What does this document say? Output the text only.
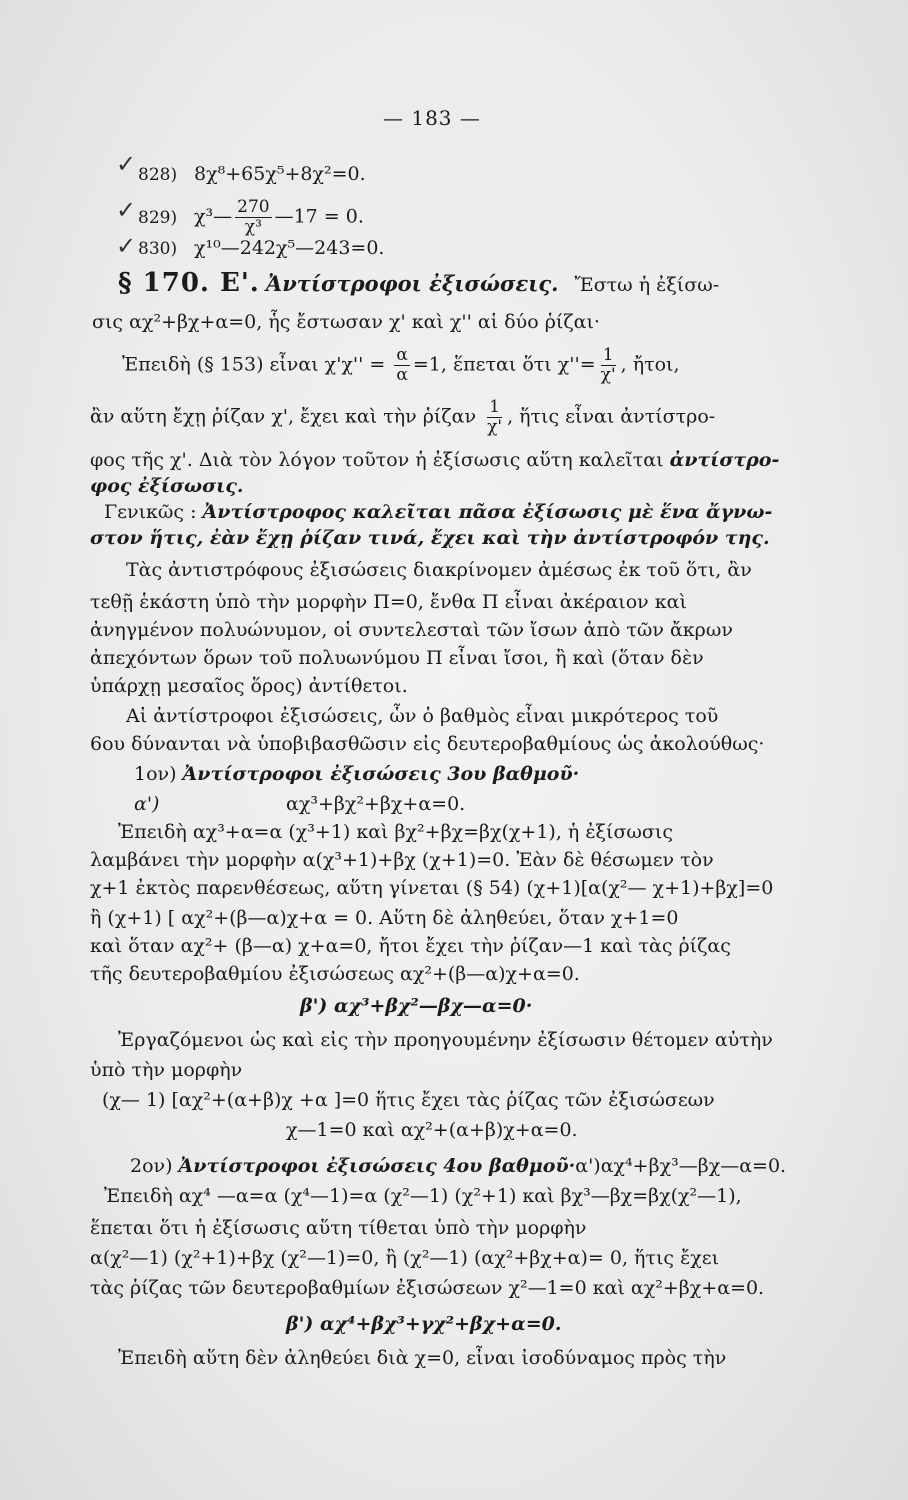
— 183 —
✓
✓
✓
828) 8χ⁸+65χ⁵+8χ²=0.
829) χ³— $\frac{270}{\text{χ³}}$ —17 = 0.
830) χ¹⁰—242χ⁵—243=0.
§ 170. Ε'. Ἀντίστροφοι ἐξισώσεις. Ἔστω ἡ ἐξίσω-
σις αχ²+βχ+α=0, ἧς ἔστωσαν χ' καὶ χ'' αἱ δύο ῥίζαι·
Ἐπειδὴ (§ 153) εἶναι $\chi'\chi'' = \frac{\alpha}{\alpha} =1$, ἕπεται ὅτι $\chi''= \frac{1}{\chi'}$ , ἤτοι,
ἂν αὕτη ἔχῃ ῥίζαν χ', ἔχει καὶ τὴν ῥίζαν $\frac{1}{\chi'}$ , ἥτις εἶναι ἀντίστρο-
φος τῆς χ'. Διὰ τὸν λόγον τοῦτον ἡ ἐξίσωσις αὕτη καλεῖται ἀντίστρο-
φος ἐξίσωσις.
Γενικῶς : Ἀντίστροφος καλεῖται πᾶσα ἐξίσωσις μὲ ἕνα ἄγνω-
στον ἥτις, ἐὰν ἔχῃ ῥίζαν τινά, ἔχει καὶ τὴν ἀντίστροφόν της.
Τὰς ἀντιστρόφους ἐξισώσεις διακρίνομεν ἀμέσως ἐκ τοῦ ὅτι, ἂν
τεθῇ ἑκάστη ὑπὸ τὴν μορφὴν Π=0, ἔνθα Π εἶναι ἀκέραιον καὶ
ἀνηγμένον πολυώνυμον, οἱ συντελεσταὶ τῶν ἴσων ἀπὸ τῶν ἄκρων
ἀπεχόντων ὅρων τοῦ πολυωνύμου Π εἶναι ἴσοι, ἢ καὶ (ὅταν δὲν
ὑπάρχῃ μεσαῖος ὅρος) ἀντίθετοι.
Αἱ ἀντίστροφοι ἐξισώσεις, ὧν ὁ βαθμὸς εἶναι μικρότερος τοῦ
6ου δύνανται νὰ ὑποβιβασθῶσιν εἰς δευτεροβαθμίους ὡς ἀκολούθως·
1ον) Ἀντίστροφοι ἐξισώσεις 3ου βαθμοῦ·
α')	αχ³+βχ²+βχ+α=0.
Ἐπειδὴ αχ³+α=α (χ³+1) καὶ βχ²+βχ=βχ(χ+1), ἡ ἐξίσωσις
λαμβάνει τὴν μορφὴν α(χ³+1)+βχ (χ+1)=0. Ἐὰν δὲ θέσωμεν τὸν
χ+1 ἐκτὸς παρενθέσεως, αὕτη γίνεται (§ 54) (χ+1)[α(χ²— χ+1)+βχ]=0
ἢ (χ+1) [ αχ²+(β—α)χ+α = 0. Αὕτη δὲ ἀληθεύει, ὅταν χ+1=0
καὶ ὅταν αχ²+ (β—α) χ+α=0, ἤτοι ἔχει τὴν ῥίζαν—1 καὶ τὰς ῥίζας
τῆς δευτεροβαθμίου ἐξισώσεως αχ²+(β—α)χ+α=0.
β') αχ³+βχ²—βχ—α=0·
Ἐργαζόμενοι ὡς καὶ εἰς τὴν προηγουμένην ἐξίσωσιν θέτομεν αὐτὴν
ὑπὸ τὴν μορφὴν
(χ— 1) [αχ²+(α+β)χ +α ]=0 ἥτις ἔχει τὰς ῥίζας τῶν ἐξισώσεων
χ—1=0 καὶ αχ²+(α+β)χ+α=0.
2ον) Ἀντίστροφοι ἐξισώσεις 4ου βαθμοῦ·α')αχ⁴+βχ³—βχ—α=0.
Ἐπειδὴ αχ⁴ —α=α (χ⁴—1)=α (χ²—1) (χ²+1) καὶ βχ³—βχ=βχ(χ²—1),
ἕπεται ὅτι ἡ ἐξίσωσις αὕτη τίθεται ὑπὸ τὴν μορφὴν
α(χ²—1) (χ²+1)+βχ (χ²—1)=0, ἢ (χ²—1) (αχ²+βχ+α)= 0, ἥτις ἔχει
τὰς ῥίζας τῶν δευτεροβαθμίων ἐξισώσεων χ²—1=0 καὶ αχ²+βχ+α=0.
β') αχ⁴+βχ³+γχ²+βχ+α=0.
Ἐπειδὴ αὕτη δὲν ἀληθεύει διὰ χ=0, εἶναι ἰσοδύναμος πρὸς τὴν
